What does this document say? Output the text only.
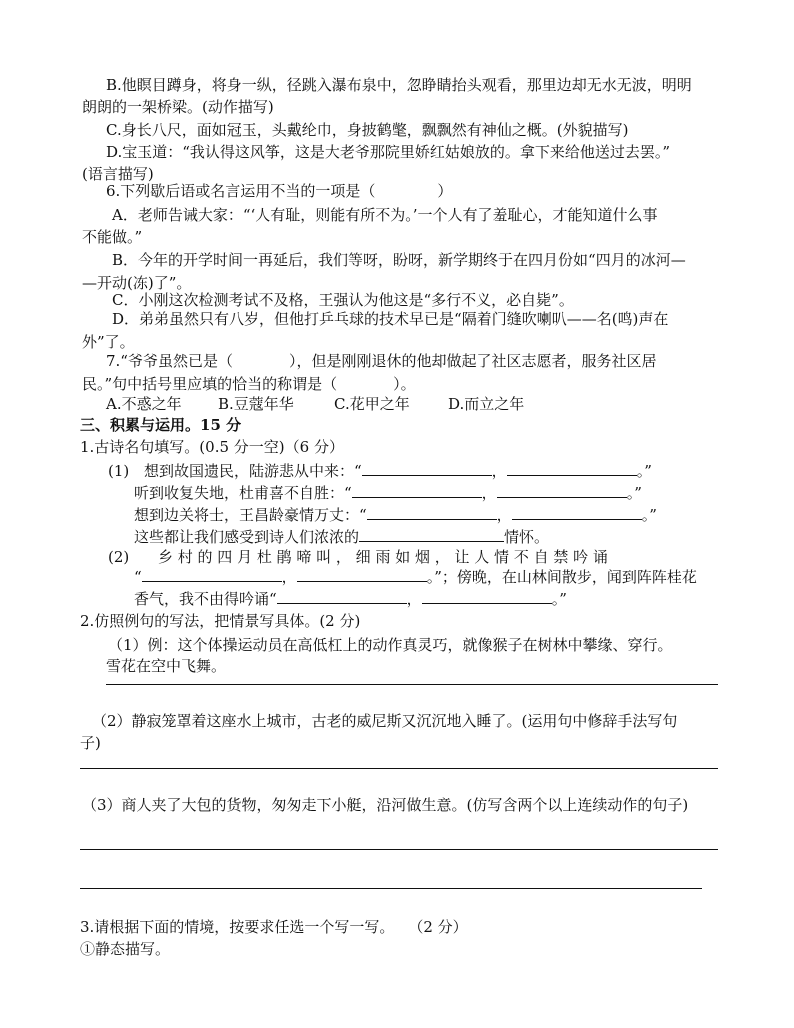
B.他瞑目蹲身，将身一纵，径跳入瀑布泉中，忽睁睛抬头观看，那里边却无水无波，明明
朗朗的一架桥梁。(动作描写)
C.身长八尺，面如冠玉，头戴纶巾，身披鹤氅，飘飘然有神仙之概。(外貌描写)
D.宝玉道：“我认得这风筝，这是大老爷那院里娇红姑娘放的。拿下来给他送过去罢。”
(语言描写)
6.下列歇后语或名言运用不当的一项是（	）
A．老师告诫大家：“‘人有耻，则能有所不为。’一个人有了羞耻心，才能知道什么事
不能做。”
B．今年的开学时间一再延后，我们等呀，盼呀，新学期终于在四月份如“四月的冰河—
—开动(冻)了”。
C．小刚这次检测考试不及格，王强认为他这是“多行不义，必自毙”。
D．弟弟虽然只有八岁，但他打乒乓球的技术早已是“隔着门缝吹喇叭——名(鸣)声在
外”了。
7.“爷爷虽然已是（	），但是刚刚退休的他却做起了社区志愿者，服务社区居
民。”句中括号里应填的恰当的称谓是（	）。
A.不惑之年 B.豆蔻年华	C.花甲之年	D.而立之年
三、积累与运用。15 分
1.古诗名句填写。(0.5 分一空)（6 分）
(1) 想到故国遗民，陆游悲从中来：“	，	。”
听到收复失地，杜甫喜不自胜：“	，	。”
想到边关将士，王昌龄豪情万丈：“	，	。”
这些都让我们感受到诗人们浓浓的	情怀。
(2) 乡 村 的 四 月 杜 鹃 啼 叫 ， 细 雨 如 烟 ， 让 人 情 不 自 禁 吟 诵
“	，	。”；傍晚，在山林间散步，闻到阵阵桂花
香气，我不由得吟诵“	，	。”
2.仿照例句的写法，把情景写具体。(2 分)
（1）例：这个体操运动员在高低杠上的动作真灵巧，就像猴子在树林中攀缘、穿行。
雪花在空中飞舞。
（2）静寂笼罩着这座水上城市，古老的威尼斯又沉沉地入睡了。(运用句中修辞手法写句
子)
（3）商人夹了大包的货物，匆匆走下小艇，沿河做生意。(仿写含两个以上连续动作的句子)
3.请根据下面的情境，按要求任选一个写一写。 （2 分）
①静态描写。
